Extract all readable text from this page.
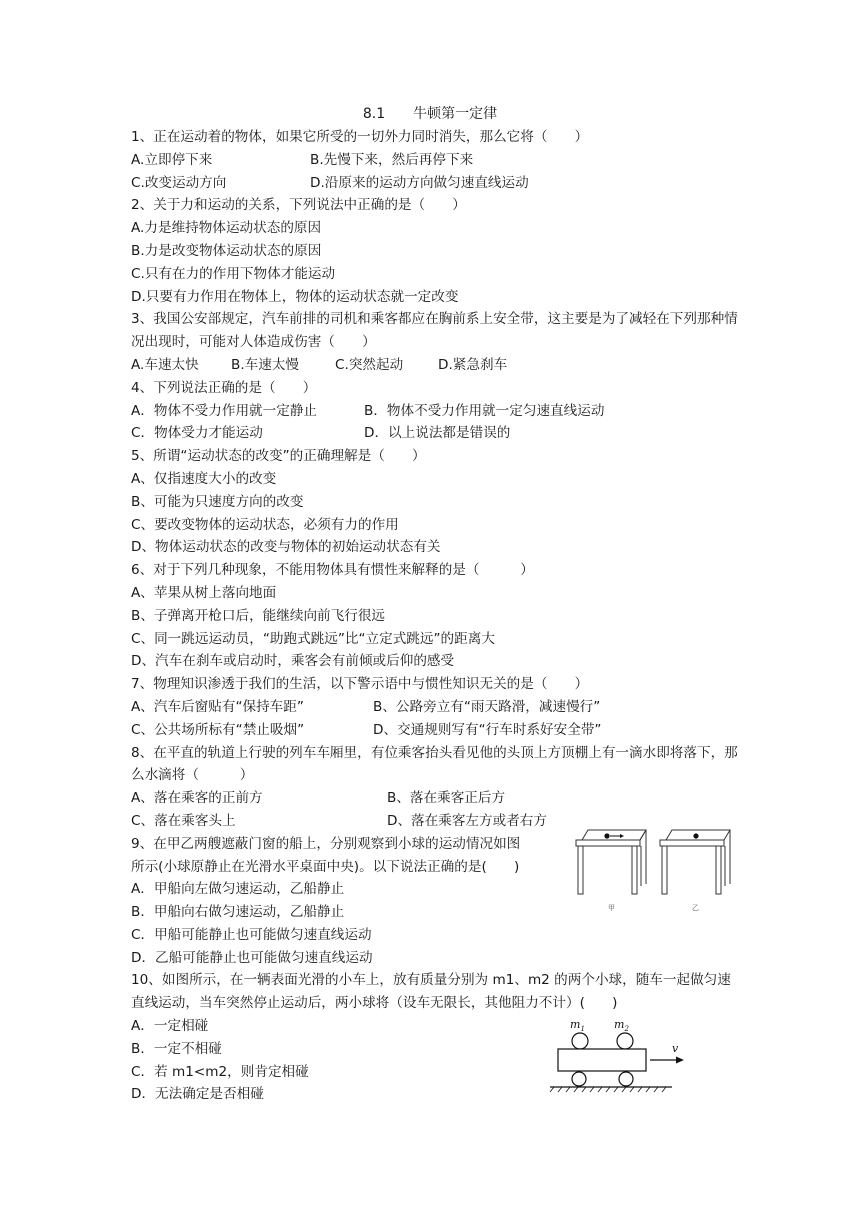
8.1　　牛顿第一定律
1、正在运动着的物体，如果它所受的一切外力同时消失，那么它将（　　）
A.立即停下来	B.先慢下来，然后再停下来
C.改变运动方向	D.沿原来的运动方向做匀速直线运动
2、关于力和运动的关系，下列说法中正确的是（　　）
A.力是维持物体运动状态的原因
B.力是改变物体运动状态的原因
C.只有在力的作用下物体才能运动
D.只要有力作用在物体上，物体的运动状态就一定改变
3、我国公安部规定，汽车前排的司机和乘客都应在胸前系上安全带，这主要是为了减轻在下列那种情况出现时，可能对人体造成伤害（　　）
A.车速太快	B.车速太慢	C.突然起动	D.紧急刹车
4、下列说法正确的是（　　）
A．物体不受力作用就一定静止	B．物体不受力作用就一定匀速直线运动
C．物体受力才能运动	D．以上说法都是错误的
5、所谓“运动状态的改变”的正确理解是（　　）
A、仅指速度大小的改变
B、可能为只速度方向的改变
C、要改变物体的运动状态，必须有力的作用
D、物体运动状态的改变与物体的初始运动状态有关
6、对于下列几种现象，不能用物体具有惯性来解释的是（　　　）
A、苹果从树上落向地面
B、子弹离开枪口后，能继续向前飞行很远
C、同一跳远运动员，“助跑式跳远”比“立定式跳远”的距离大
D、汽车在刹车或启动时，乘客会有前倾或后仰的感受
7、物理知识渗透于我们的生活，以下警示语中与惯性知识无关的是（　　）
A、汽车后窗贴有“保持车距”	B、公路旁立有“雨天路滑，减速慢行”
C、公共场所标有“禁止吸烟”	D、交通规则写有“行车时系好安全带”
8、在平直的轨道上行驶的列车车厢里，有位乘客抬头看见他的头顶上方顶棚上有一滴水即将落下，那么水滴将（　　　）
A、落在乘客的正前方	B、落在乘客正后方
C、落在乘客头上	D、落在乘客左方或者右方
9、在甲乙两艘遮蔽门窗的船上，分别观察到小球的运动情况如图
所示(小球原静止在光滑水平桌面中央)。以下说法正确的是(　　)
A．甲船向左做匀速运动，乙船静止
B．甲船向右做匀速运动，乙船静止
C．甲船可能静止也可能做匀速直线运动
D．乙船可能静止也可能做匀速直线运动
10、如图所示，在一辆表面光滑的小车上，放有质量分别为 m1、m2 的两个小球，随车一起做匀速直线运动，当车突然停止运动后，两小球将（设车无限长，其他阻力不计）(　　)
A．一定相碰
B．一定不相碰
C．若 m1<m2，则肯定相碰
D．无法确定是否相碰
甲	乙
$m_1$	$m_2$
v
